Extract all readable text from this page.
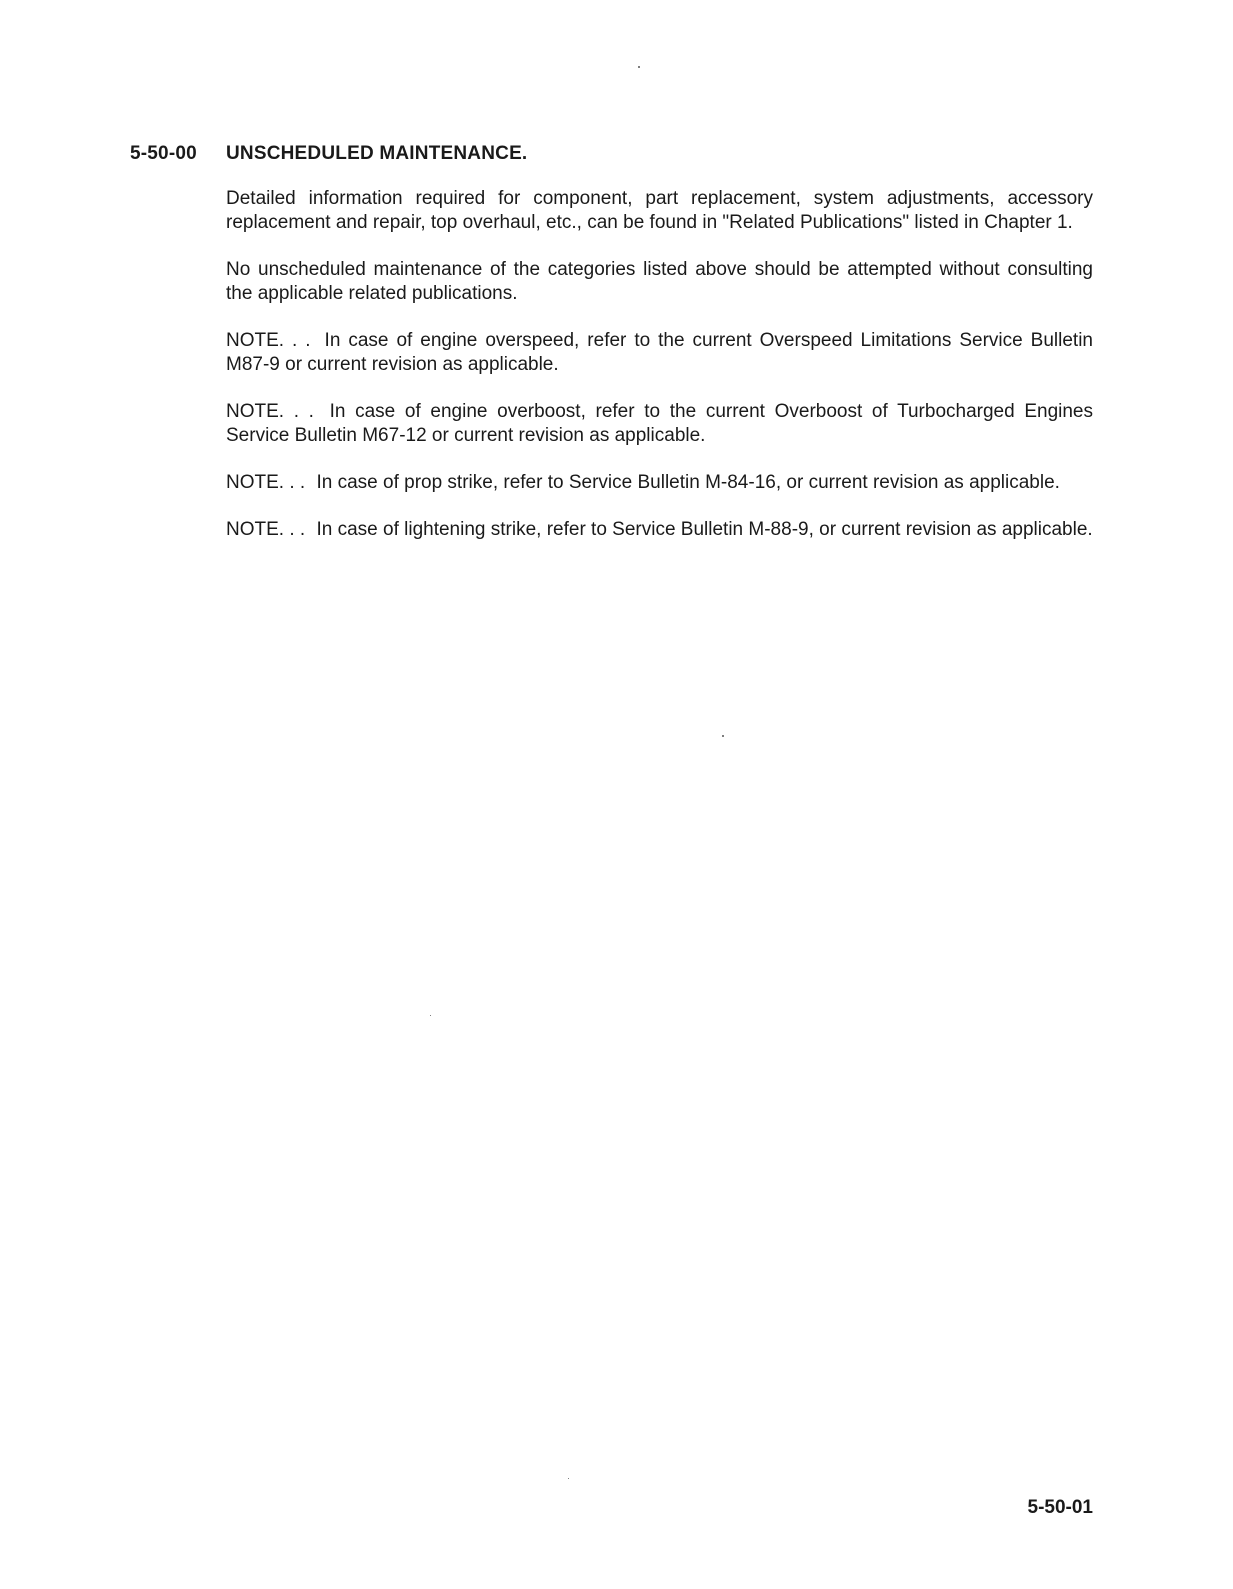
5-50-00 UNSCHEDULED MAINTENANCE.

Detailed information required for component, part replacement, system adjustments, accessory replacement and repair, top overhaul, etc., can be found in "Related Publications" listed in Chapter 1.

No unscheduled maintenance of the categories listed above should be attempted without consulting the applicable related publications.

NOTE. . . In case of engine overspeed, refer to the current Overspeed Limitations Service Bulletin M87-9 or current revision as applicable.

NOTE. . . In case of engine overboost, refer to the current Overboost of Turbocharged Engines Service Bulletin M67-12 or current revision as applicable.

NOTE. . . In case of prop strike, refer to Service Bulletin M-84-16, or current revision as applicable.

NOTE. . . In case of lightening strike, refer to Service Bulletin M-88-9, or current revision as applicable.

5-50-01
